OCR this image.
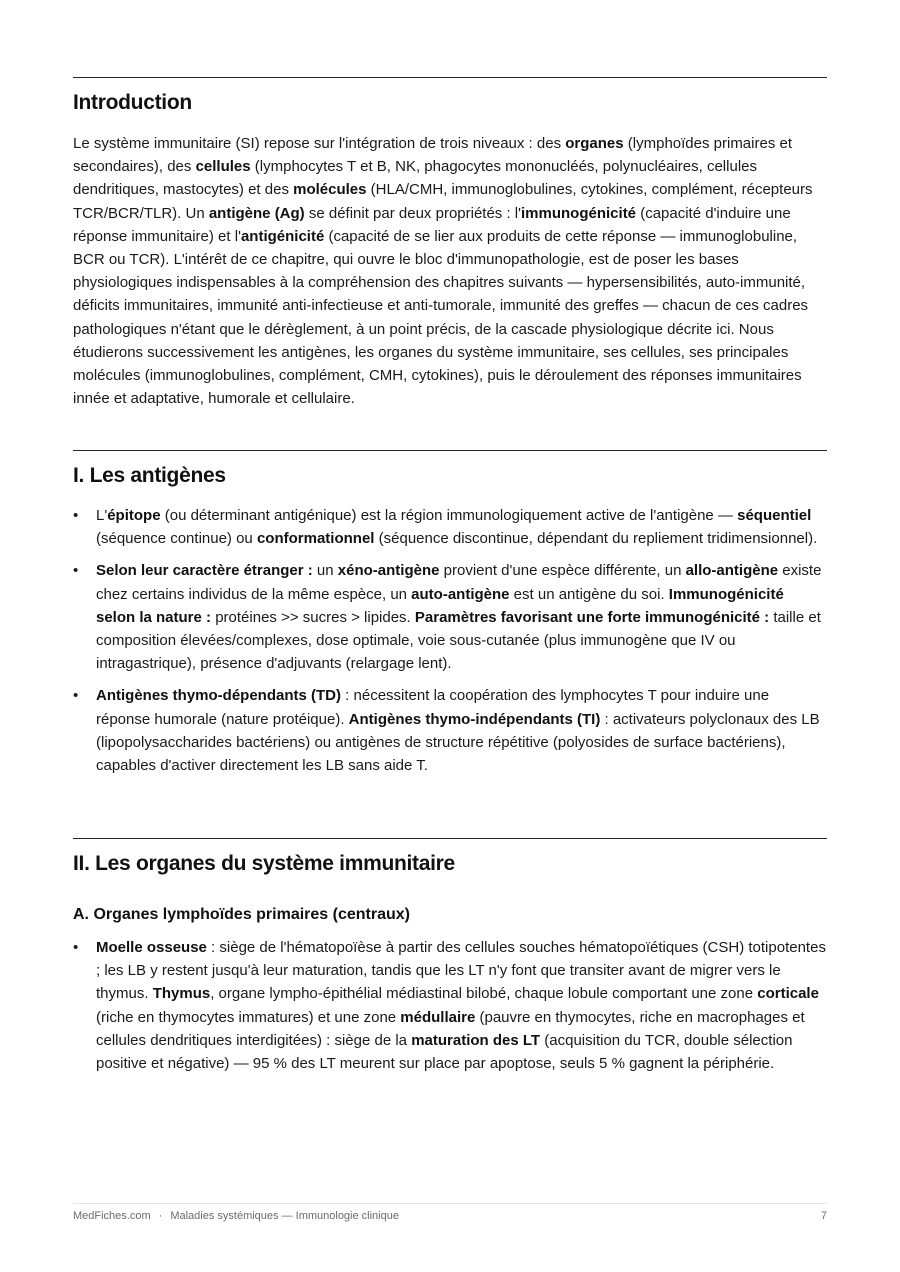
Introduction

Le système immunitaire (SI) repose sur l'intégration de trois niveaux : des organes (lymphoïdes primaires et secondaires), des cellules (lymphocytes T et B, NK, phagocytes mononucléés, polynucléaires, cellules dendritiques, mastocytes) et des molécules (HLA/CMH, immunoglobulines, cytokines, complément, récepteurs TCR/BCR/TLR). Un antigène (Ag) se définit par deux propriétés : l'immunogénicité (capacité d'induire une réponse immunitaire) et l'antigénicité (capacité de se lier aux produits de cette réponse — immunoglobuline, BCR ou TCR). L'intérêt de ce chapitre, qui ouvre le bloc d'immunopathologie, est de poser les bases physiologiques indispensables à la compréhension des chapitres suivants — hypersensibilités, auto-immunité, déficits immunitaires, immunité anti-infectieuse et anti-tumorale, immunité des greffes — chacun de ces cadres pathologiques n'étant que le dérèglement, à un point précis, de la cascade physiologique décrite ici. Nous étudierons successivement les antigènes, les organes du système immunitaire, ses cellules, ses principales molécules (immunoglobulines, complément, CMH, cytokines), puis le déroulement des réponses immunitaires innée et adaptative, humorale et cellulaire.

I. Les antigènes
• L'épitope (ou déterminant antigénique) est la région immunologiquement active de l'antigène — séquentiel (séquence continue) ou conformationnel (séquence discontinue, dépendant du repliement tridimensionnel).
• Selon leur caractère étranger : un xéno-antigène provient d'une espèce différente, un allo-antigène existe chez certains individus de la même espèce, un auto-antigène est un antigène du soi. Immunogénicité selon la nature : protéines >> sucres > lipides. Paramètres favorisant une forte immunogénicité : taille et composition élevées/complexes, dose optimale, voie sous-cutanée (plus immunogène que IV ou intragastrique), présence d'adjuvants (relargage lent).
• Antigènes thymo-dépendants (TD) : nécessitent la coopération des lymphocytes T pour induire une réponse humorale (nature protéique). Antigènes thymo-indépendants (TI) : activateurs polyclonaux des LB (lipopolysaccharides bactériens) ou antigènes de structure répétitive (polyosides de surface bactériens), capables d'activer directement les LB sans aide T.
II. Les organes du système immunitaire
A. Organes lymphoïdes primaires (centraux)
• Moelle osseuse : siège de l'hématopoïèse à partir des cellules souches hématopoïétiques (CSH) totipotentes ; les LB y restent jusqu'à leur maturation, tandis que les LT n'y font que transiter avant de migrer vers le thymus. Thymus, organe lympho-épithélial médiastinal bilobé, chaque lobule comportant une zone corticale (riche en thymocytes immatures) et une zone médullaire (pauvre en thymocytes, riche en macrophages et cellules dendritiques interdigitées) : siège de la maturation des LT (acquisition du TCR, double sélection positive et négative) — 95 % des LT meurent sur place par apoptose, seuls 5 % gagnent la périphérie.
MedFiches.com · Maladies systémiques — Immunologie clinique	7
